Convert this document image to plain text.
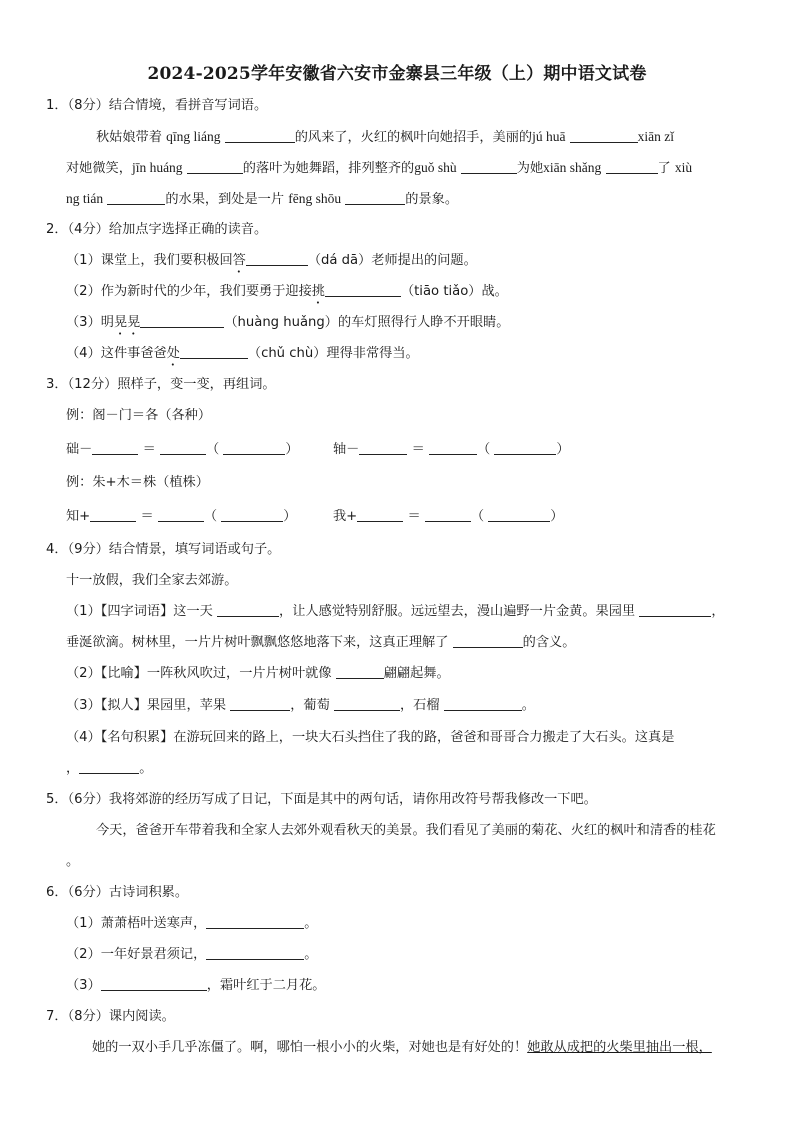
2024-2025学年安徽省六安市金寨县三年级（上）期中语文试卷
1．（8分）结合情境，看拼音写词语。
秋姑娘带着 qīng liáng	的风来了，火红的枫叶向她招手，美丽的jú huā	xiān zǐ
对她微笑，jīn huáng	的落叶为她舞蹈，排列整齐的guǒ shù	为她xiān shǎng	了 xiù
ng tián	的水果，到处是一片 fēng shōu	的景象。
2．（4分）给加点字选择正确的读音。
（1）课堂上，我们要积极回答	（dá dā）老师提出的问题。
（2）作为新时代的少年，我们要勇于迎接挑	（tiāo tiǎo）战。
（3）明晃晃	（huàng huǎng）的车灯照得行人睁不开眼睛。
（4）这件事爸爸处	（chǔ chù）理得非常得当。
3．（12分）照样子，变一变，再组词。
例：阁－门＝各（各种）
础－	＝	（	）	轴－	＝	（	）
例：朱+木＝株（植株）
知+	＝	（	）	我+	＝	（	）
4．（9分）结合情景，填写词语或句子。
十一放假，我们全家去郊游。
（1）【四字词语】这一天	，让人感觉特别舒服。远远望去，漫山遍野一片金黄。果园里	，
垂涎欲滴。树林里，一片片树叶飘飘悠悠地落下来，这真正理解了	的含义。
（2）【比喻】一阵秋风吹过，一片片树叶就像	翩翩起舞。
（3）【拟人】果园里，苹果	，葡萄	，石榴	。
（4）【名句积累】在游玩回来的路上，一块大石头挡住了我的路，爸爸和哥哥合力搬走了大石头。这真是
，	。
5．（6分）我将郊游的经历写成了日记，下面是其中的两句话，请你用改符号帮我修改一下吧。
今天，爸爸开车带着我和全家人去郊外观看秋天的美景。我们看见了美丽的菊花、火红的枫叶和清香的桂花
。
6．（6分）古诗词积累。
（1）萧萧梧叶送寒声，	。
（2）一年好景君须记，	。
（3）	，霜叶红于二月花。
7．（8分）课内阅读。
她的一双小手几乎冻僵了。啊，哪怕一根小小的火柴，对她也是有好处的！她敢从成把的火柴里抽出一根，
